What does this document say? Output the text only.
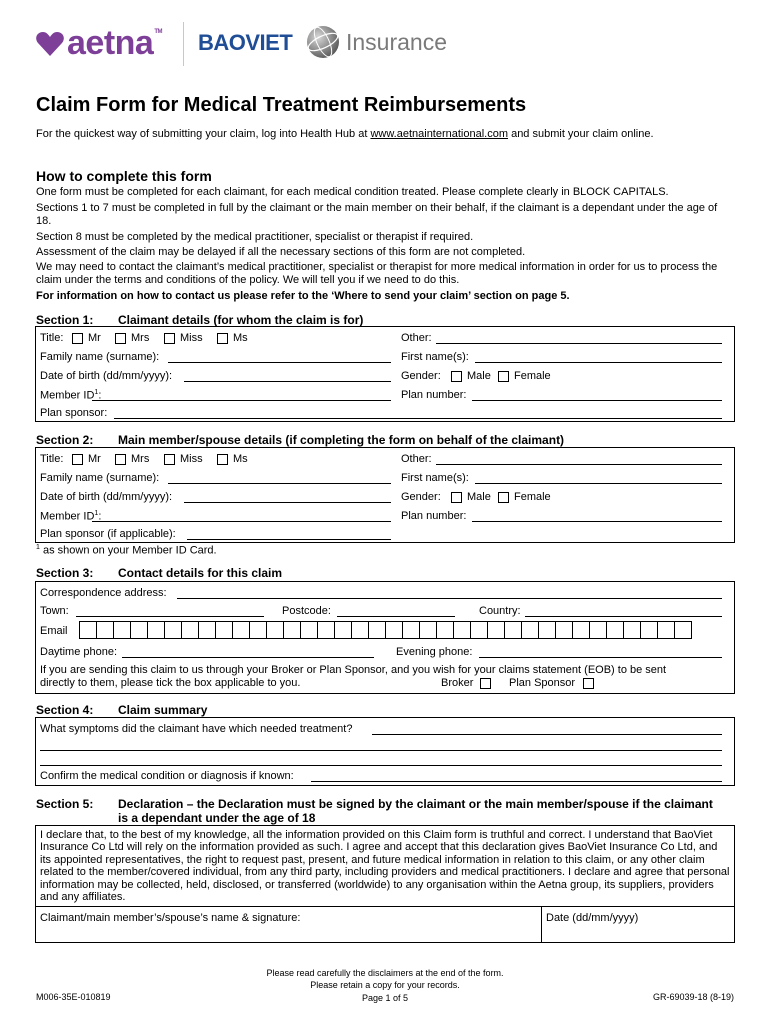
aetna TM BAOVIET Insurance
Claim Form for Medical Treatment Reimbursements
For the quickest way of submitting your claim, log into Health Hub at www.aetnainternational.com and submit your claim online.
How to complete this form
One form must be completed for each claimant, for each medical condition treated. Please complete clearly in BLOCK CAPITALS.
Sections 1 to 7 must be completed in full by the claimant or the main member on their behalf, if the claimant is a dependant under the age of 18.
Section 8 must be completed by the medical practitioner, specialist or therapist if required.
Assessment of the claim may be delayed if all the necessary sections of this form are not completed.
We may need to contact the claimant’s medical practitioner, specialist or therapist for more medical information in order for us to process the claim under the terms and conditions of the policy. We will tell you if we need to do this.
For information on how to contact us please refer to the ‘Where to send your claim’ section on page 5.
Section 1: Claimant details (for whom the claim is for)
Title: Mr	Mrs	Miss	Ms	Other:
Family name (surname):	First name(s):
Date of birth (dd/mm/yyyy):	Gender: Male Female
Member $ID^1$:	Plan number:
Plan sponsor:
Section 2: Main member/spouse details (if completing the form on behalf of the claimant)
Title: Mr	Mrs	Miss	Ms	Other:
Family name (surname):	First name(s):
Date of birth (dd/mm/yyyy):	Gender: Male Female
Member $ID^1$:	Plan number:
Plan sponsor (if applicable):
$^1$ as shown on your Member ID Card.
Section 3: Contact details for this claim
Correspondence address:
Town:	Postcode:	Country:
Email
Daytime phone:	Evening phone:
If you are sending this claim to us through your Broker or Plan Sponsor, and you wish for your claims statement (EOB) to be sent
directly to them, please tick the box applicable to you.	Broker	Plan Sponsor
Section 4: Claim summary
What symptoms did the claimant have which needed treatment?
Confirm the medical condition or diagnosis if known:
Section 5: Declaration – the Declaration must be signed by the claimant or the main member/spouse if the claimant is a dependant under the age of 18
I declare that, to the best of my knowledge, all the information provided on this Claim form is truthful and correct. I understand that BaoViet Insurance Co Ltd will rely on the information provided as such. I agree and accept that this declaration gives BaoViet Insurance Co Ltd, and its appointed representatives, the right to request past, present, and future medical information in relation to this claim, or any other claim related to the member/covered individual, from any third party, including providers and medical practitioners. I declare and agree that personal information may be collected, held, disclosed, or transferred (worldwide) to any organisation within the Aetna group, its suppliers, providers and any affiliates.
Claimant/main member’s/spouse’s name & signature:	Date (dd/mm/yyyy)
Please read carefully the disclaimers at the end of the form.
Please retain a copy for your records.
M006-35E-010819	Page 1 of 5	GR-69039-18 (8-19)
